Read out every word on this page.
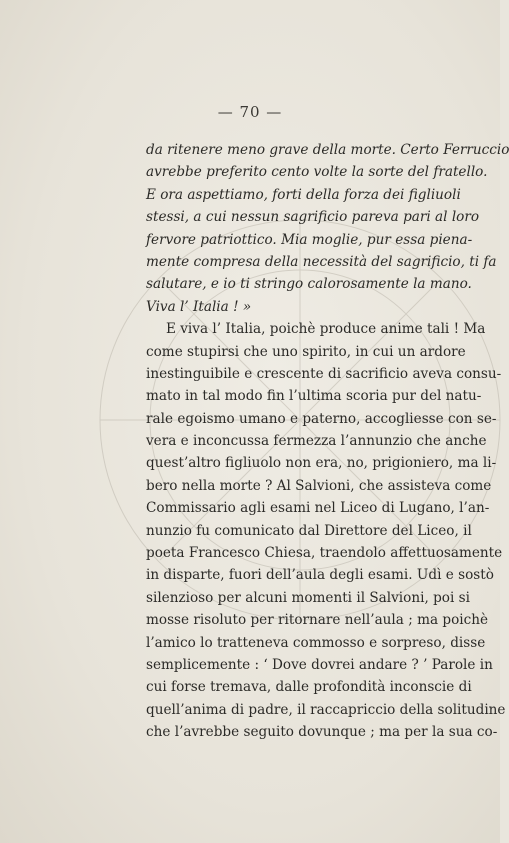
— 70 —
da ritenere meno grave della morte. Certo Ferruccio
avrebbe preferito cento volte la sorte del fratello.
E ora aspettiamo, forti della forza dei figliuoli
stessi, a cui nessun sagrificio pareva pari al loro
fervore patriottico. Mia moglie, pur essa piena-
mente compresa della necessità del sagrificio, ti fa
salutare, e io ti stringo calorosamente la mano.
Viva l’ Italia ! »
E viva l’ Italia, poichè produce anime tali ! Ma
come stupirsi che uno spirito, in cui un ardore
inestinguibile e crescente di sacrificio aveva consu-
mato in tal modo fin l’ultima scoria pur del natu-
rale egoismo umano e paterno, accogliesse con se-
vera e inconcussa fermezza l’annunzio che anche
quest’altro figliuolo non era, no, prigioniero, ma li-
bero nella morte ? Al Salvioni, che assisteva come
Commissario agli esami nel Liceo di Lugano, l’an-
nunzio fu comunicato dal Direttore del Liceo, il
poeta Francesco Chiesa, traendolo affettuosamente
in disparte, fuori dell’aula degli esami. Udì e sostò
silenzioso per alcuni momenti il Salvioni, poi si
mosse risoluto per ritornare nell’aula ; ma poichè
l’amico lo tratteneva commosso e sorpreso, disse
semplicemente : ‘ Dove dovrei andare ? ’ Parole in
cui forse tremava, dalle profondità inconscie di
quell’anima di padre, il raccapriccio della solitudine
che l’avrebbe seguito dovunque ; ma per la sua co-
